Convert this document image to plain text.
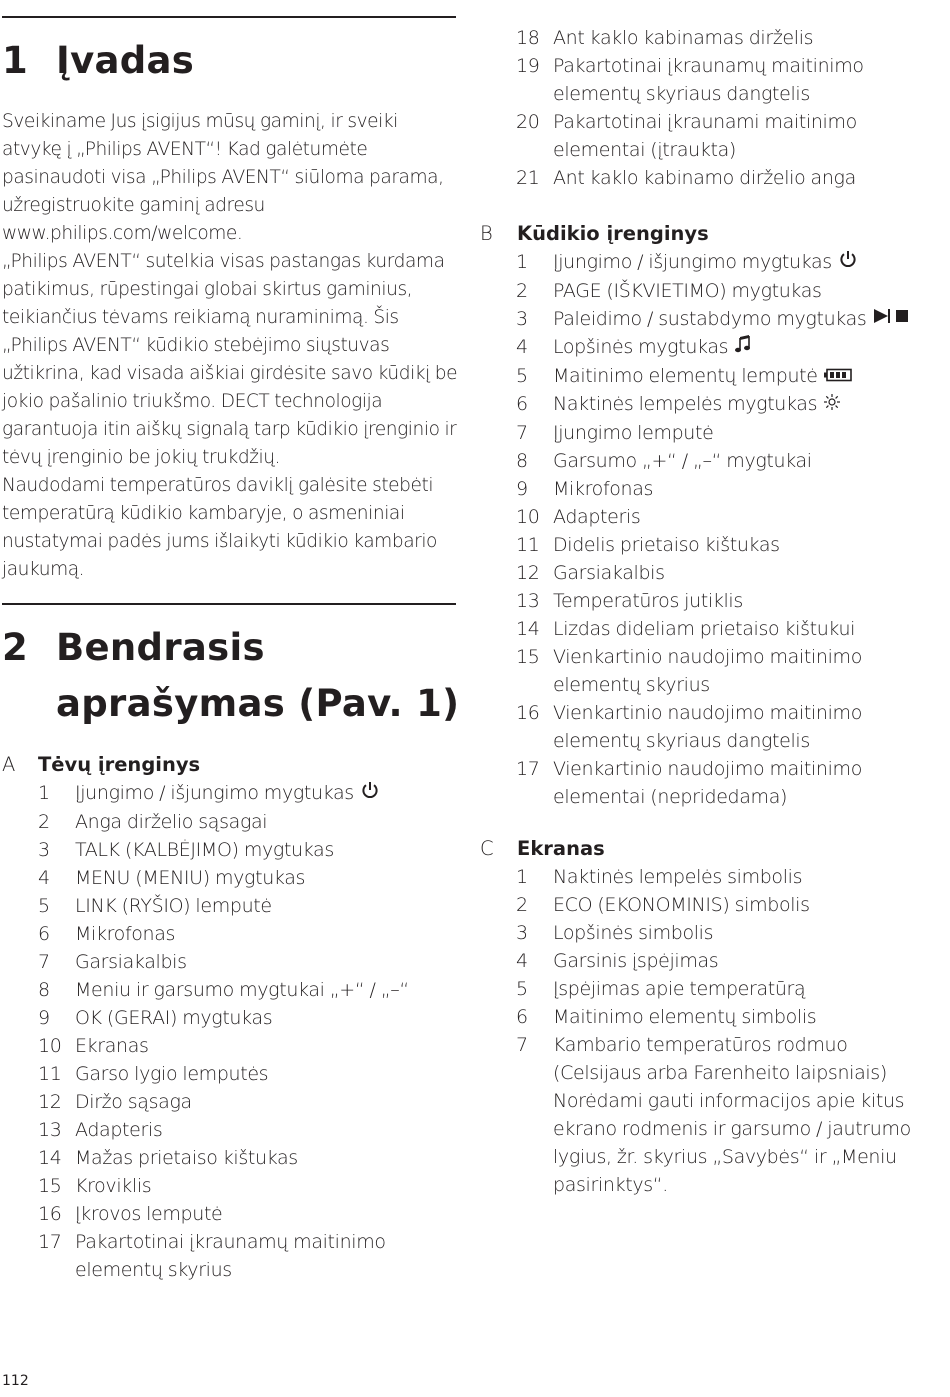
1 Įvadas

Sveikiname Jus įsigijus mūsų gaminį, ir sveiki atvykę į „Philips AVENT“! Kad galėtumėte pasinaudoti visa „Philips AVENT“ siūloma parama, užregistruokite gaminį adresu www.philips.com/welcome.

„Philips AVENT“ sutelkia visas pastangas kurdama patikimus, rūpestingai globai skirtus gaminius, teikiančius tėvams reikiamą nuraminimą. Šis „Philips AVENT“ kūdikio stebėjimo siųstuvas užtikrina, kad visada aiškiai girdėsite savo kūdikį be jokio pašalinio triukšmo. DECT technologija garantuoja itin aiškų signalą tarp kūdikio įrenginio ir tėvų įrenginio be jokių trukdžių.

Naudodami temperatūros daviklį galėsite stebėti temperatūrą kūdikio kambaryje, o asmeniniai nustatymai padės jums išlaikyti kūdikio kambario jaukumą.

2 Bendrasis
aprašymas (Pav. 1)
A Tėvų įrenginys
1 Įjungimo / išjungimo mygtukas
2 Anga dirželio sąsagai
3 TALK (KALBĖJIMO) mygtukas
4 MENU (MENIU) mygtukas
5 LINK (RYŠIO) lemputė
6 Mikrofonas
7 Garsiakalbis
8 Meniu ir garsumo mygtukai „+“ / „–“
9 OK (GERAI) mygtukas
10 Ekranas
11 Garso lygio lemputės
12 Diržo sąsaga
13 Adapteris
14 Mažas prietaiso kištukas
15 Kroviklis
16 Įkrovos lemputė
17 Pakartotinai įkraunamų maitinimo elementų skyrius
18 Ant kaklo kabinamas dirželis
19 Pakartotinai įkraunamų maitinimo elementų skyriaus dangtelis
20 Pakartotinai įkraunami maitinimo elementai (įtraukta)
21 Ant kaklo kabinamo dirželio anga
B Kūdikio įrenginys
1 Įjungimo / išjungimo mygtukas
2 PAGE (IŠKVIETIMO) mygtukas
3 Paleidimo / sustabdymo mygtukas
4 Lopšinės mygtukas
5 Maitinimo elementų lemputė
6 Naktinės lempelės mygtukas
7 Įjungimo lemputė
8 Garsumo „+“ / „–“ mygtukai
9 Mikrofonas
10 Adapteris
11 Didelis prietaiso kištukas
12 Garsiakalbis
13 Temperatūros jutiklis
14 Lizdas dideliam prietaiso kištukui
15 Vienkartinio naudojimo maitinimo elementų skyrius
16 Vienkartinio naudojimo maitinimo elementų skyriaus dangtelis
17 Vienkartinio naudojimo maitinimo elementai (nepridedama)
C Ekranas
1 Naktinės lempelės simbolis
2 ECO (EKONOMINIS) simbolis
3 Lopšinės simbolis
4 Garsinis įspėjimas
5 Įspėjimas apie temperatūrą
6 Maitinimo elementų simbolis
7 Kambario temperatūros rodmuo (Celsijaus arba Farenheito laipsniais) Norėdami gauti informacijos apie kitus ekrano rodmenis ir garsumo / jautrumo lygius, žr. skyrius „Savybės“ ir „Meniu pasirinktys“.
112
